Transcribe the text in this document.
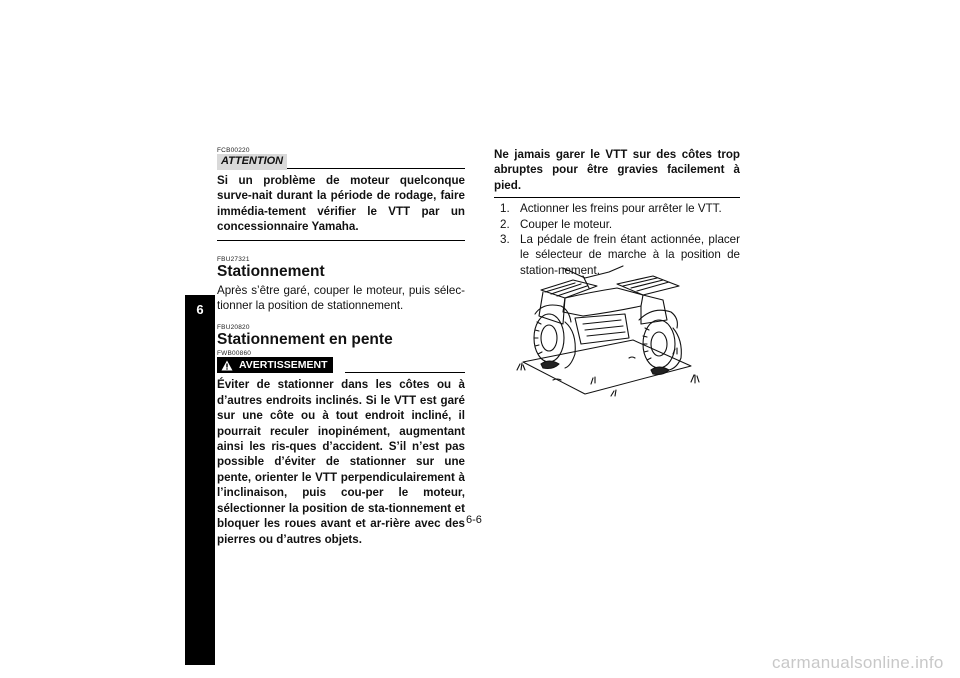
6
FCB00220
ATTENTION
Si un problème de moteur quelconque surve-nait durant la période de rodage, faire immédia-tement vérifier le VTT par un concessionnaire Yamaha.
FBU27321
Stationnement
Après s’être garé, couper le moteur, puis sélec-tionner la position de stationnement.
FBU20820
Stationnement en pente
FWB00860
AVERTISSEMENT
Éviter de stationner dans les côtes ou à d’autres endroits inclinés. Si le VTT est garé sur une côte ou à tout endroit incliné, il pourrait reculer inopinément, augmentant ainsi les ris-ques d’accident. S’il n’est pas possible d’éviter de stationner sur une pente, orienter le VTT perpendiculairement à l’inclinaison, puis cou-per le moteur, sélectionner la position de sta-tionnement et bloquer les roues avant et ar-rière avec des pierres ou d’autres objets.
Ne jamais garer le VTT sur des côtes trop abruptes pour être gravies facilement à pied.
1. Actionner les freins pour arrêter le VTT.
2. Couper le moteur.
3. La pédale de frein étant actionnée, placer le sélecteur de marche à la position de station-nement.
6-6
carmanualsonline.info
